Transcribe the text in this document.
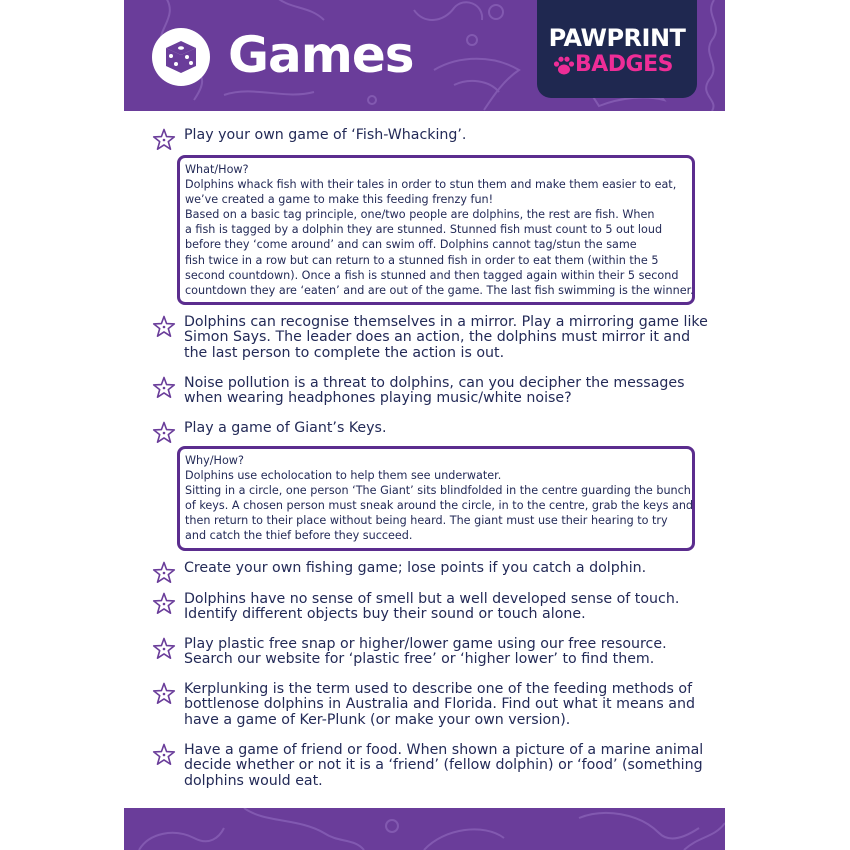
Games	PAWPRINT
BADGES
Play your own game of ‘Fish-Whacking’.
What/How?
Dolphins whack fish with their tales in order to stun them and make them easier to eat,
we’ve created a game to make this feeding frenzy fun!
Based on a basic tag principle, one/two people are dolphins, the rest are fish. When
a fish is tagged by a dolphin they are stunned. Stunned fish must count to 5 out loud
before they ‘come around’ and can swim off. Dolphins cannot tag/stun the same
fish twice in a row but can return to a stunned fish in order to eat them (within the 5
second countdown). Once a fish is stunned and then tagged again within their 5 second
countdown they are ‘eaten’ and are out of the game. The last fish swimming is the winner.
Dolphins can recognise themselves in a mirror. Play a mirroring game like Simon Says. The leader does an action, the dolphins must mirror it and the last person to complete the action is out.
Noise pollution is a threat to dolphins, can you decipher the messages when wearing headphones playing music/white noise?
Play a game of Giant’s Keys.
Why/How?
Dolphins use echolocation to help them see underwater.
Sitting in a circle, one person ‘The Giant’ sits blindfolded in the centre guarding the bunch
of keys. A chosen person must sneak around the circle, in to the centre, grab the keys and
then return to their place without being heard. The giant must use their hearing to try
and catch the thief before they succeed.
Create your own fishing game; lose points if you catch a dolphin.
Dolphins have no sense of smell but a well developed sense of touch. Identify different objects buy their sound or touch alone.
Play plastic free snap or higher/lower game using our free resource. Search our website for ‘plastic free’ or ‘higher lower’ to find them.
Kerplunking is the term used to describe one of the feeding methods of bottlenose dolphins in Australia and Florida. Find out what it means and have a game of Ker-Plunk (or make your own version).
Have a game of friend or food. When shown a picture of a marine animal decide whether or not it is a ‘friend’ (fellow dolphin) or ‘food’ (something dolphins would eat.
